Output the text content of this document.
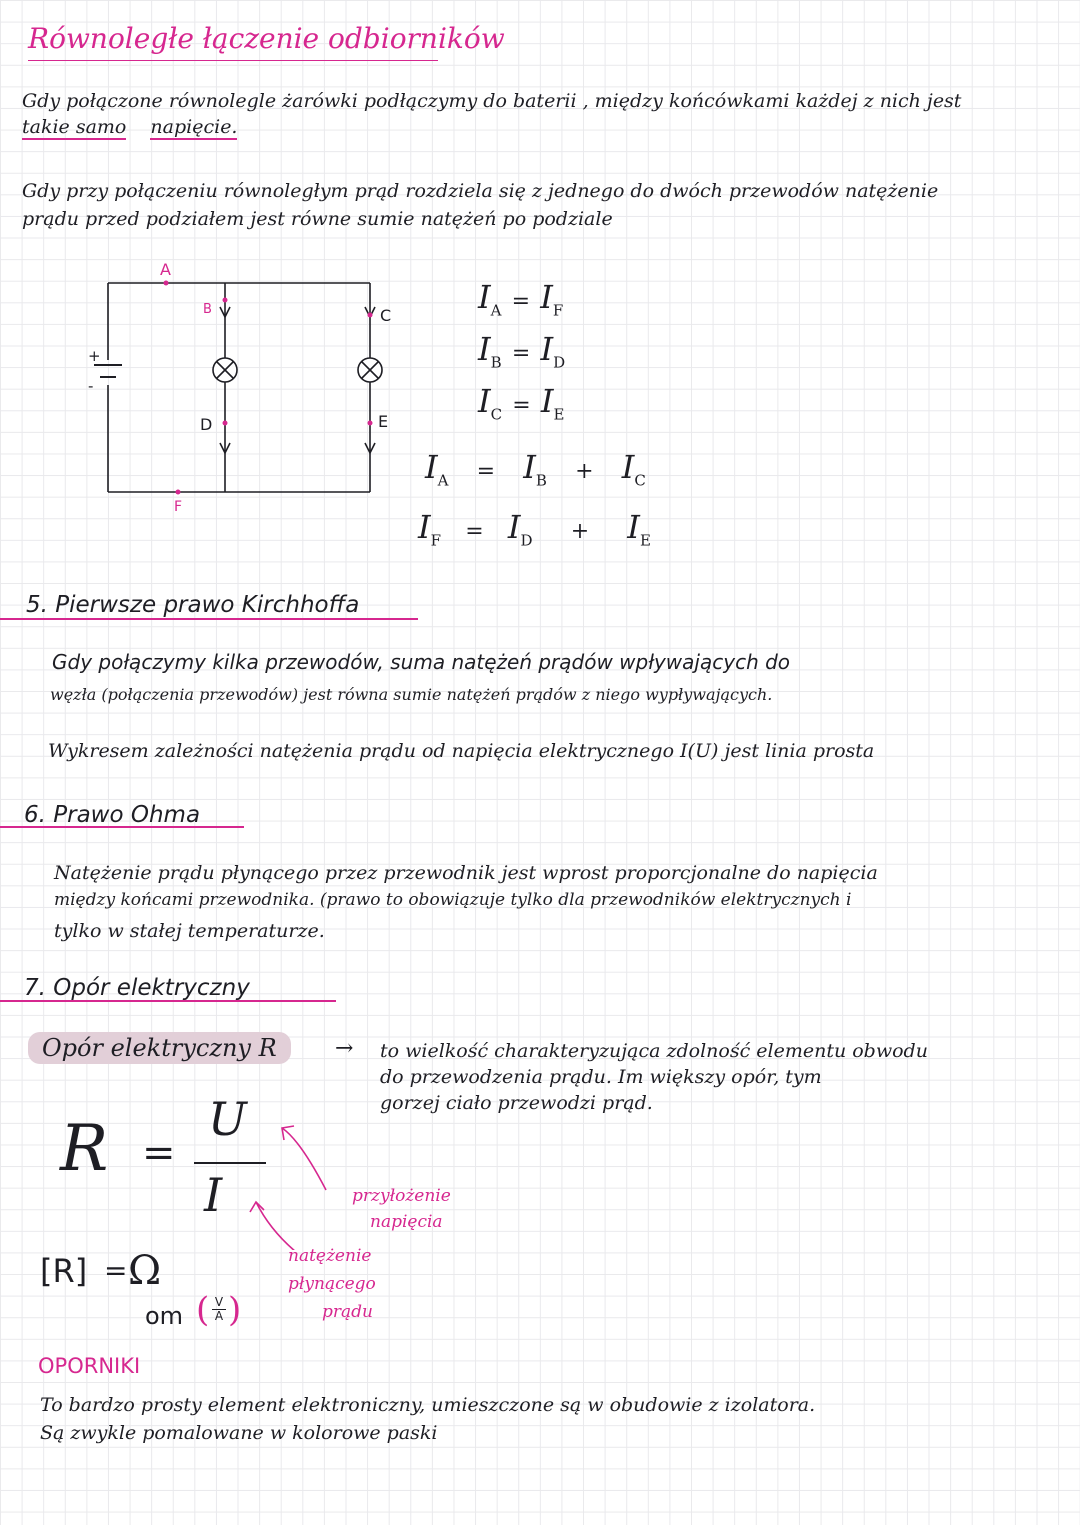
Równoległe łączenie odbiorników
Gdy połączone równolegle żarówki podłączymy do baterii , między końcówkami każdej z nich jest
takie samo napięcie.
Gdy przy połączeniu równoległym prąd rozdziela się z jednego do dwóch przewodów natężenie
prądu przed podziałem jest równe sumie natężeń po podziale
A
B	C
D	E
F
+
-
$I_A = I_F$
$I_B = I_D$
$I_C = I_E$
$I_A = I_B + I_C$
$I_F = I_D + I_E$
5. Pierwsze prawo Kirchhoffa
Gdy połączymy kilka przewodów, suma natężeń prądów wpływających do
węzła (połączenia przewodów) jest równa sumie natężeń prądów z niego wypływających.
Wykresem zależności natężenia prądu od napięcia elektrycznego I(U) jest linia prosta
6. Prawo Ohma
Natężenie prądu płynącego przez przewodnik jest wprost proporcjonalne do napięcia
między końcami przewodnika. (prawo to obowiązuje tylko dla przewodników elektrycznych i
tylko w stałej temperaturze.
7. Opór elektryczny
Opór elektryczny R	→ to wielkość charakteryzująca zdolność elementu obwodu
do przewodzenia prądu. Im większy opór, tym
gorzej ciało przewodzi prąd.
R =
U
I
[R] = Ω
om ( V
A )
przyłożenie
napięcia
natężenie
płynącego
prądu
OPORNIKI
To bardzo prosty element elektroniczny, umieszczone są w obudowie z izolatora.
Są zwykle pomalowane w kolorowe paski
